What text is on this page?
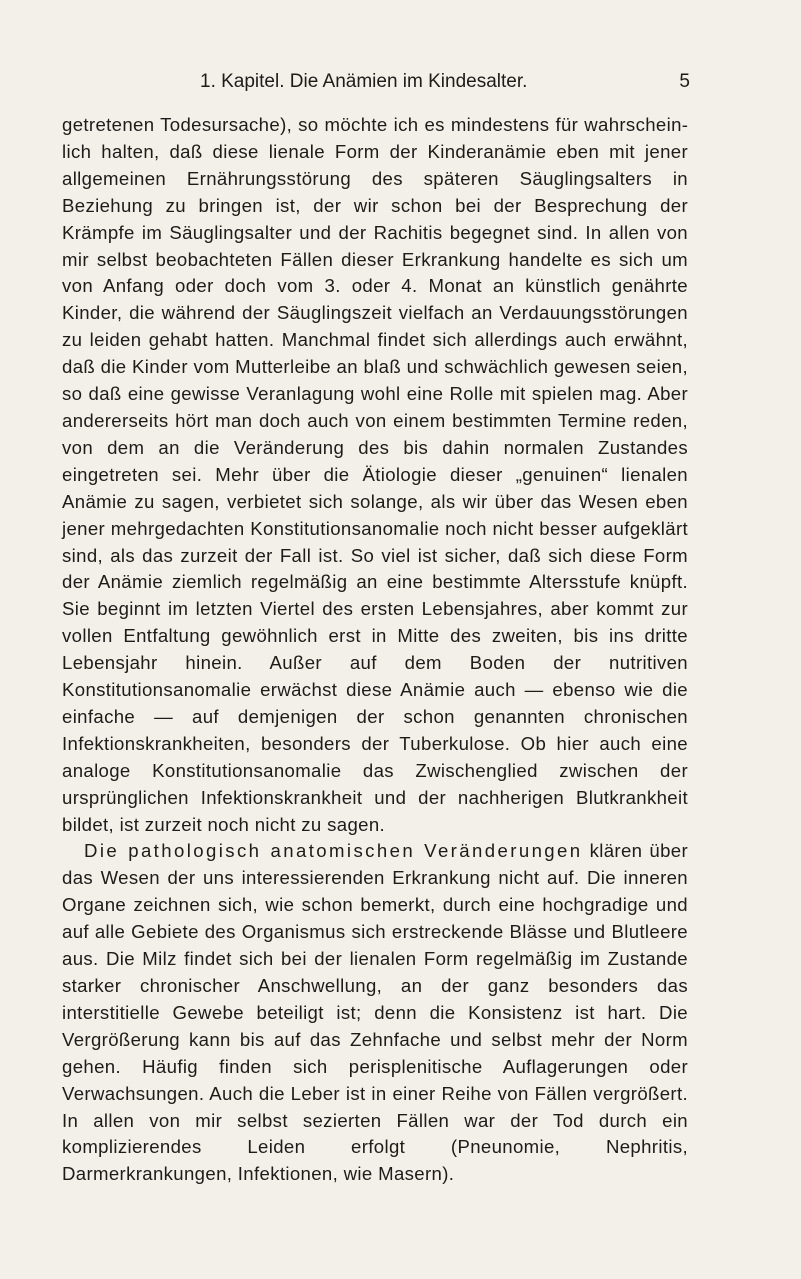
1. Kapitel. Die Anämien im Kindesalter.	5

getretenen Todesursache), so möchte ich es mindestens für wahrscheinlich halten, daß diese lienale Form der Kinderanämie eben mit jener allgemeinen Ernährungsstörung des späteren Säuglingsalters in Beziehung zu bringen ist, der wir schon bei der Besprechung der Krämpfe im Säuglingsalter und der Rachitis begegnet sind. In allen von mir selbst beobachteten Fällen dieser Erkrankung handelte es sich um von Anfang oder doch vom 3. oder 4. Monat an künstlich genährte Kinder, die während der Säuglingszeit vielfach an Verdauungsstörungen zu leiden gehabt hatten. Manchmal findet sich allerdings auch erwähnt, daß die Kinder vom Mutterleibe an blaß und schwächlich gewesen seien, so daß eine gewisse Veranlagung wohl eine Rolle mit spielen mag. Aber andererseits hört man doch auch von einem bestimmten Termine reden, von dem an die Veränderung des bis dahin normalen Zustandes eingetreten sei. Mehr über die Ätiologie dieser „genuinen“ lienalen Anämie zu sagen, verbietet sich solange, als wir über das Wesen eben jener mehrgedachten Konstitutionsanomalie noch nicht besser aufgeklärt sind, als das zurzeit der Fall ist. So viel ist sicher, daß sich diese Form der Anämie ziemlich regelmäßig an eine bestimmte Altersstufe knüpft. Sie beginnt im letzten Viertel des ersten Lebensjahres, aber kommt zur vollen Entfaltung gewöhnlich erst in Mitte des zweiten, bis ins dritte Lebensjahr hinein. Außer auf dem Boden der nutritiven Konstitutionsanomalie erwächst diese Anämie auch — ebenso wie die einfache — auf demjenigen der schon genannten chronischen Infektionskrankheiten, besonders der Tuberkulose. Ob hier auch eine analoge Konstitutionsanomalie das Zwischenglied zwischen der ursprünglichen Infektionskrankheit und der nachherigen Blutkrankheit bildet, ist zurzeit noch nicht zu sagen.

Die pathologisch anatomischen Veränderungen klären über das Wesen der uns interessierenden Erkrankung nicht auf. Die inneren Organe zeichnen sich, wie schon bemerkt, durch eine hochgradige und auf alle Gebiete des Organismus sich erstreckende Blässe und Blutleere aus. Die Milz findet sich bei der lienalen Form regelmäßig im Zustande starker chronischer Anschwellung, an der ganz besonders das interstitielle Gewebe beteiligt ist; denn die Konsistenz ist hart. Die Vergrößerung kann bis auf das Zehnfache und selbst mehr der Norm gehen. Häufig finden sich perisplenitische Auflagerungen oder Verwachsungen. Auch die Leber ist in einer Reihe von Fällen vergrößert. In allen von mir selbst sezierten Fällen war der Tod durch ein komplizierendes Leiden erfolgt (Pneunomie, Nephritis, Darmerkrankungen, Infektionen, wie Masern).
